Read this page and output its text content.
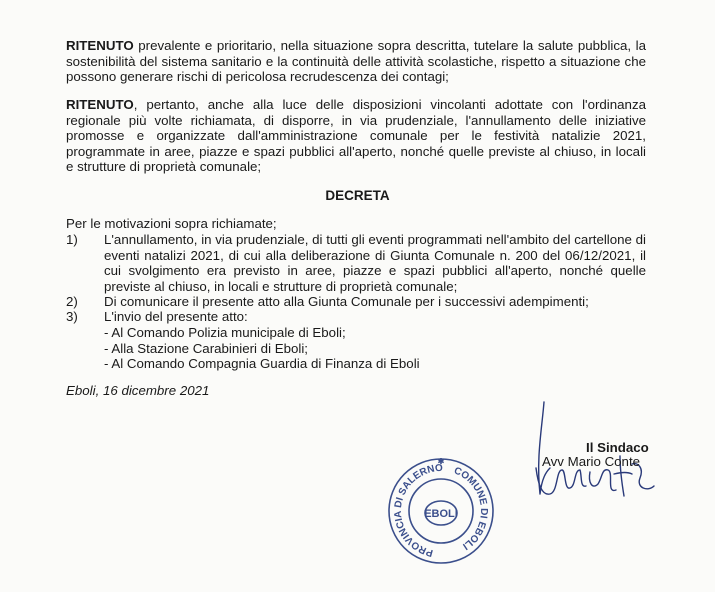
RITENUTO prevalente e prioritario, nella situazione sopra descritta, tutelare la salute pubblica, la sostenibilità del sistema sanitario e la continuità delle attività scolastiche, rispetto a situazione che possono generare rischi di pericolosa recrudescenza dei contagi;

RITENUTO, pertanto, anche alla luce delle disposizioni vincolanti adottate con l'ordinanza regionale più volte richiamata, di disporre, in via prudenziale, l'annullamento delle iniziative promosse e organizzate dall'amministrazione comunale per le festività natalizie 2021, programmate in aree, piazze e spazi pubblici all'aperto, nonché quelle previste al chiuso, in locali e strutture di proprietà comunale;

DECRETA

Per le motivazioni sopra richiamate;

1) L'annullamento, in via prudenziale, di tutti gli eventi programmati nell'ambito del cartellone di eventi natalizi 2021, di cui alla deliberazione di Giunta Comunale n. 200 del 06/12/2021, il cui svolgimento era previsto in aree, piazze e spazi pubblici all'aperto, nonché quelle previste al chiuso, in locali e strutture di proprietà comunale;
2) Di comunicare il presente atto alla Giunta Comunale per i successivi adempimenti;
3) L'invio del presente atto:
- Al Comando Polizia municipale di Eboli;
- Alla Stazione Carabinieri di Eboli;
- Al Comando Compagnia Guardia di Finanza di Eboli
Eboli, 16 dicembre 2021
PROVINCIA DI SALERNO COMUNE DI EBOLI
EBOLI
✱
Il Sindaco
Avv Mario Conte
